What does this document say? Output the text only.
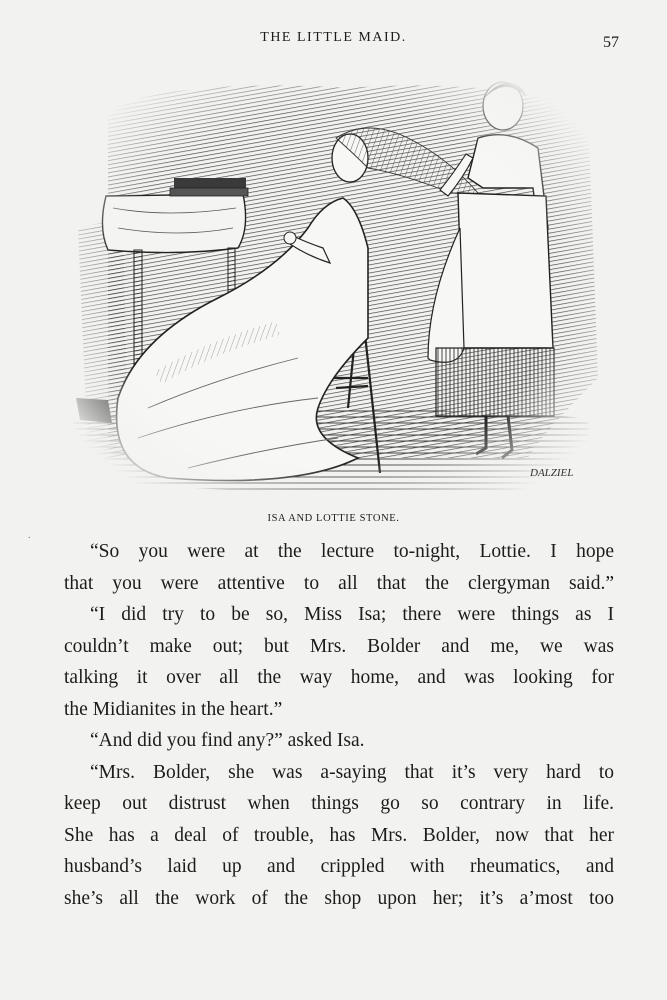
THE LITTLE MAID.	57
DALZIEL
ISA AND LOTTIE STONE.
.
“So you were at the lecture to-night, Lottie. I hope
that you were attentive to all that the clergyman said.”
“I did try to be so, Miss Isa; there were things as I
couldn’t make out; but Mrs. Bolder and me, we was
talking it over all the way home, and was looking for
the Midianites in the heart.”
“And did you find any?” asked Isa.
“Mrs. Bolder, she was a-saying that it’s very hard to
keep out distrust when things go so contrary in life.
She has a deal of trouble, has Mrs. Bolder, now that her
husband’s laid up and crippled with rheumatics, and
she’s all the work of the shop upon her; it’s a’most too
